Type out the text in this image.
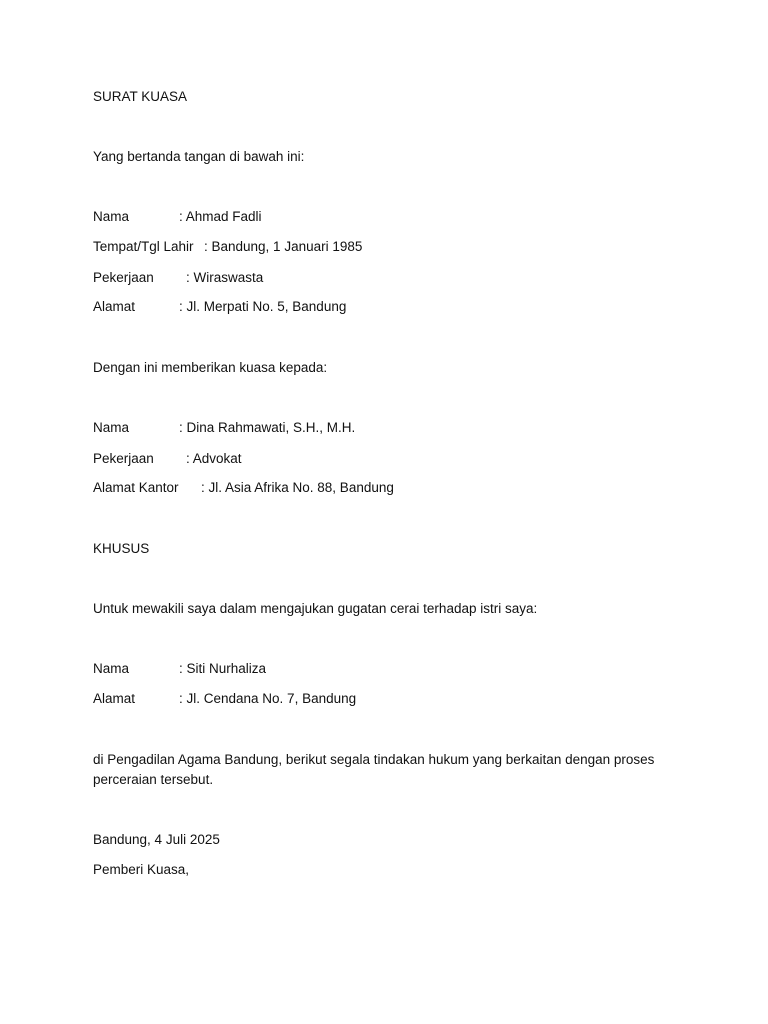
SURAT KUASA
Yang bertanda tangan di bawah ini:
Nama	: Ahmad Fadli
Tempat/Tgl Lahir : Bandung, 1 Januari 1985
Pekerjaan : Wiraswasta
Alamat	: Jl. Merpati No. 5, Bandung
Dengan ini memberikan kuasa kepada:
Nama	: Dina Rahmawati, S.H., M.H.
Pekerjaan : Advokat
Alamat Kantor : Jl. Asia Afrika No. 88, Bandung
KHUSUS
Untuk mewakili saya dalam mengajukan gugatan cerai terhadap istri saya:
Nama	: Siti Nurhaliza
Alamat	: Jl. Cendana No. 7, Bandung
di Pengadilan Agama Bandung, berikut segala tindakan hukum yang berkaitan dengan proses perceraian tersebut.
Bandung, 4 Juli 2025
Pemberi Kuasa,
